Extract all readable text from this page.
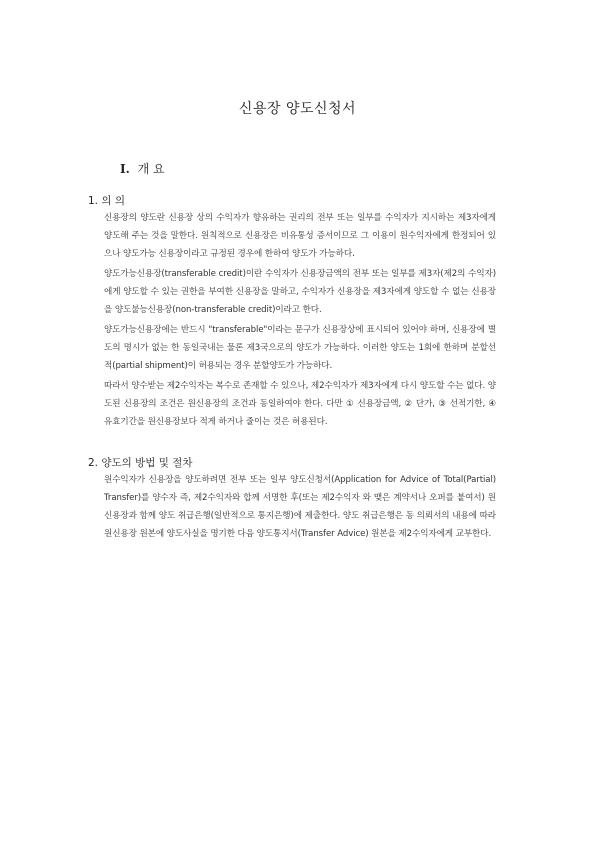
신용장 양도신청서
I. 개 요
1. 의 의
신용장의 양도란 신용장 상의 수익자가 향유하는 권리의 전부 또는 일부를 수익자가 지시하는 제3자에게 양도해 주는 것을 말한다. 원칙적으로 신용장은 비유통성 증서이므로 그 이용이 원수익자에게 한정되어 있으나 양도가능 신용장이라고 규정된 경우에 한하여 양도가 가능하다.
양도가능신용장(transferable credit)이란 수익자가 신용장금액의 전부 또는 일부를 제3자(제2의 수익자)에게 양도할 수 있는 권한을 부여한 신용장을 말하고, 수익자가 신용장을 제3자에게 양도할 수 없는 신용장을 양도불능신용장(non-transferable credit)이라고 한다.
양도가능신용장에는 반드시 "transferable"이라는 문구가 신용장상에 표시되어 있어야 하며, 신용장에 별도의 명시가 없는 한 동일국내는 물론 제3국으로의 양도가 가능하다. 이러한 양도는 1회에 한하며 분할선적(partial shipment)이 허용되는 경우 분할양도가 가능하다.
따라서 양수받는 제2수익자는 복수로 존재할 수 있으나, 제2수익자가 제3자에게 다시 양도할 수는 없다. 양도된 신용장의 조건은 원신용장의 조건과 동일하여야 한다. 다만 ① 신용장금액, ② 단가, ③ 선적기한, ④ 유효기간을 원신용장보다 적게 하거나 줄이는 것은 허용된다.
2. 양도의 방법 및 절차
원수익자가 신용장을 양도하려면 전부 또는 일부 양도신청서(Application for Advice of Total(Partial) Transfer)를 양수자 즉, 제2수익자와 합께 서명한 후(또는 제2수익자 와 맺은 계약서나 오퍼를 붙여서) 원신용장과 함께 양도 취급은행(일반적으로 통지은행)에 제출한다. 양도 취급은행은 동 의뢰서의 내용에 따라 원신용장 원본에 양도사실을 명기한 다음 양도통지서(Transfer Advice) 원본을 제2수익자에게 교부한다.
